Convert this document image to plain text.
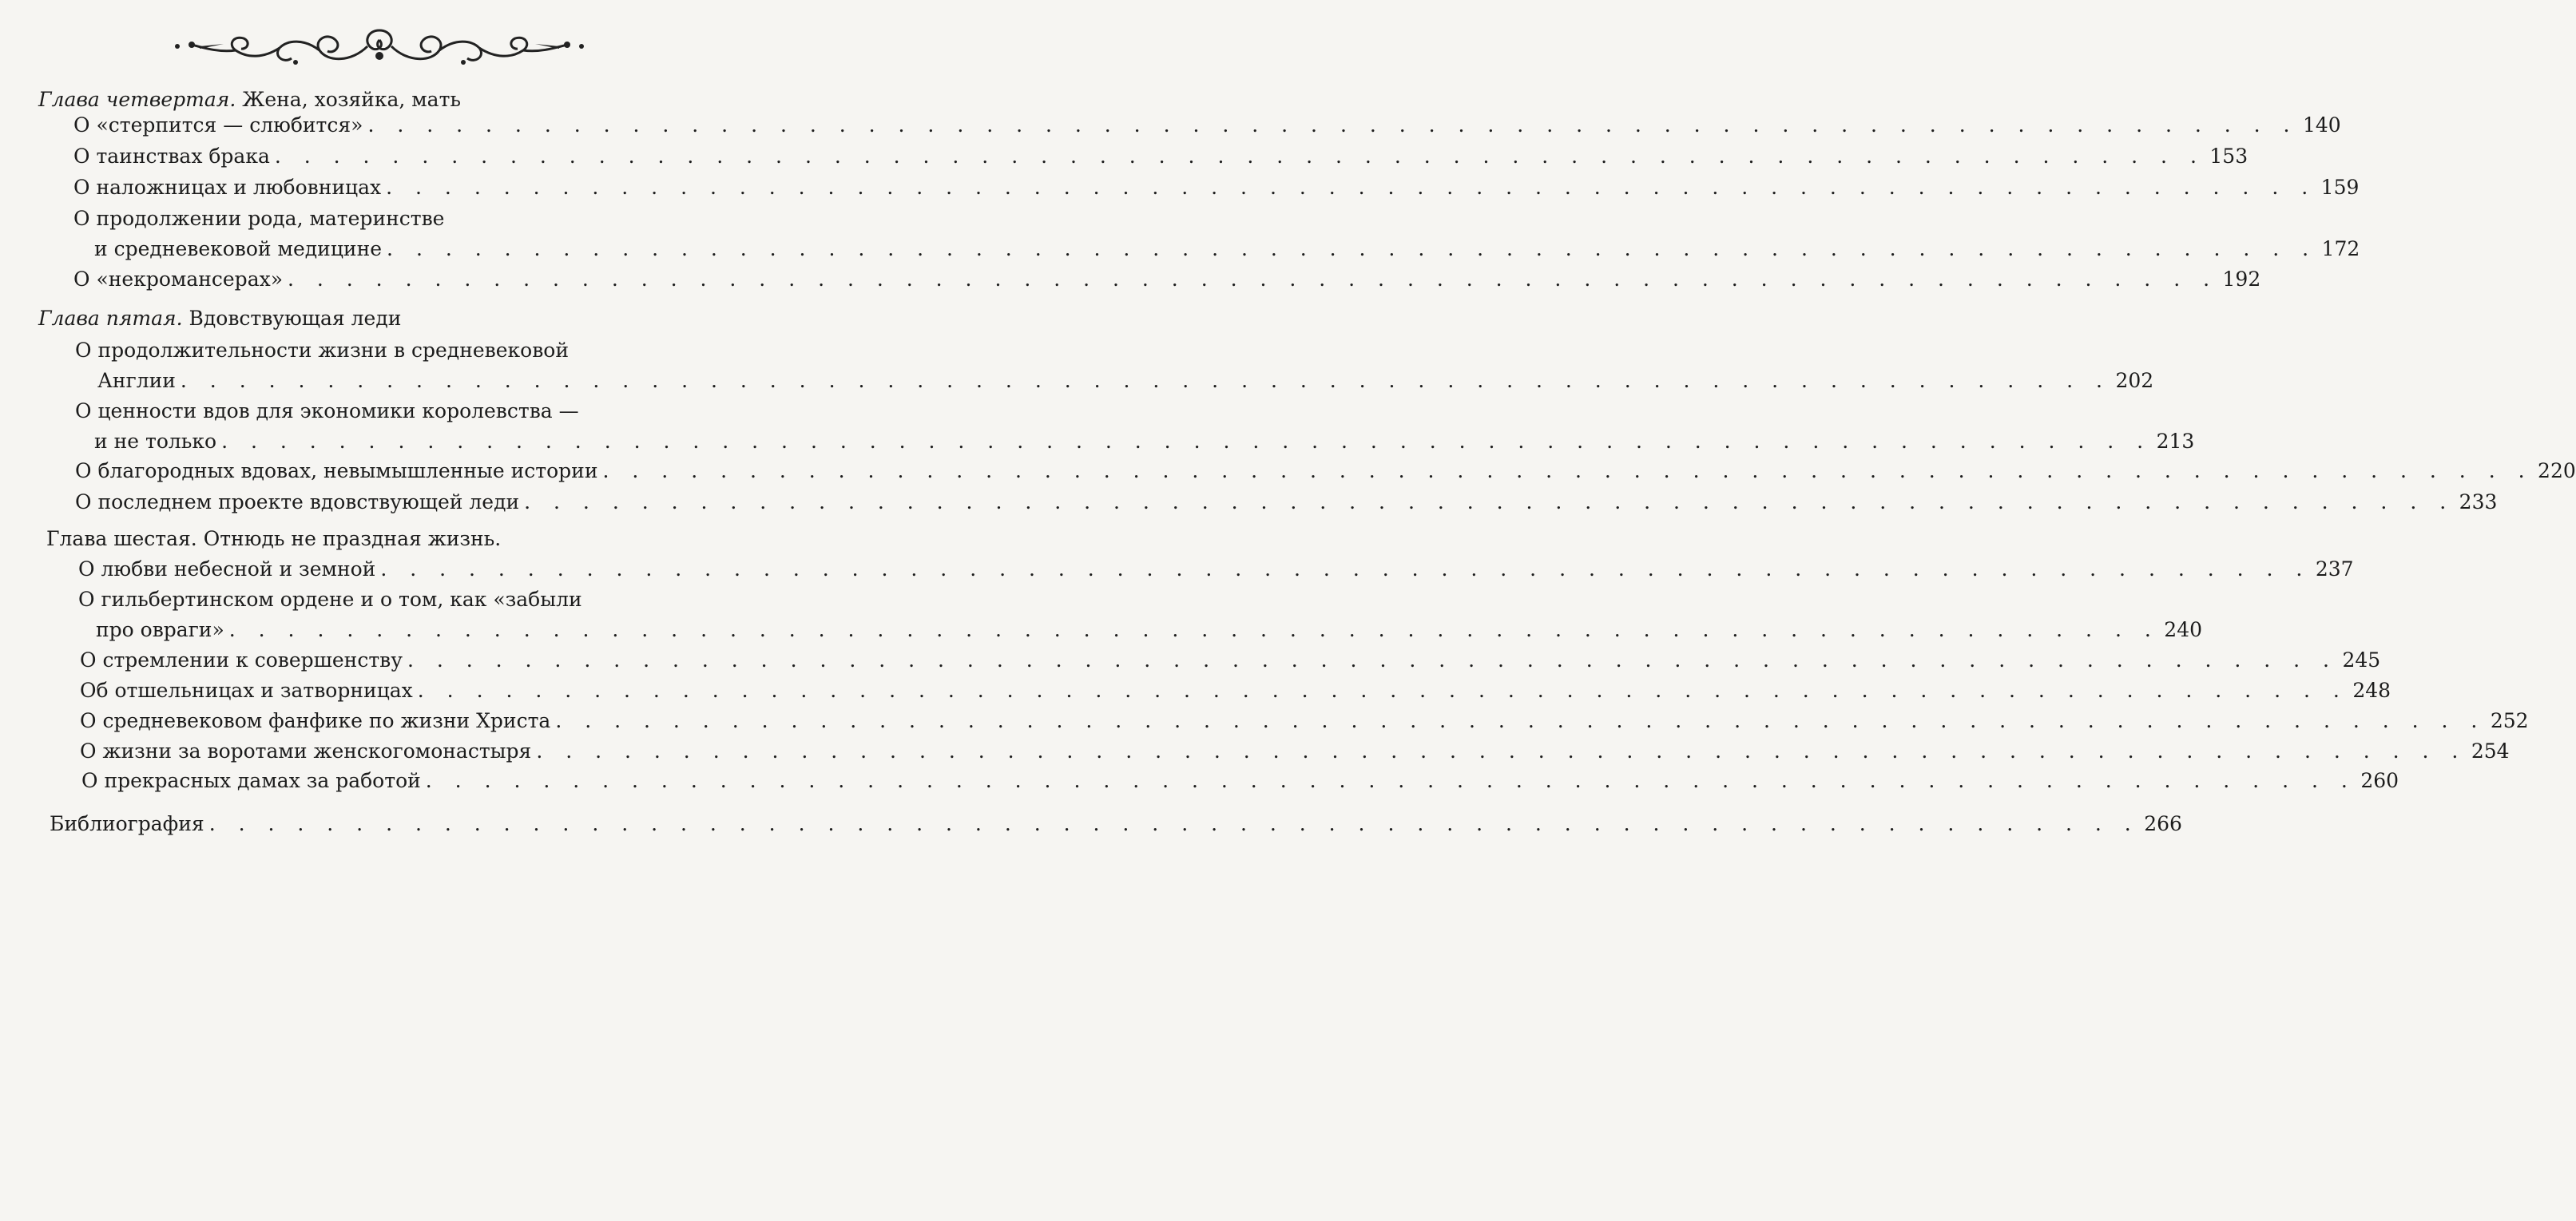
Глава четвертая. Жена, хозяйка, мать
О «стерпится — слюбится» . . . . . . . . . . . . . . . . . . . . . . . . . . . . . . . . . . . . . . . . . . . . . . . . . . . . . . . . . . . . . . . . . . 140
О таинствах брака . . . . . . . . . . . . . . . . . . . . . . . . . . . . . . . . . . . . . . . . . . . . . . . . . . . . . . . . . . . . . . . . . . 153
О наложницах и любовницах . . . . . . . . . . . . . . . . . . . . . . . . . . . . . . . . . . . . . . . . . . . . . . . . . . . . . . . . . . . . . . . . . . 159
О продолжении рода, материнстве
и средневековой медицине . . . . . . . . . . . . . . . . . . . . . . . . . . . . . . . . . . . . . . . . . . . . . . . . . . . . . . . . . . . . . . . . . . 172
О «некромансерах» . . . . . . . . . . . . . . . . . . . . . . . . . . . . . . . . . . . . . . . . . . . . . . . . . . . . . . . . . . . . . . . . . . 192
Глава пятая. Вдовствующая леди
О продолжительности жизни в средневековой
Англии . . . . . . . . . . . . . . . . . . . . . . . . . . . . . . . . . . . . . . . . . . . . . . . . . . . . . . . . . . . . . . . . . . 202
О ценности вдов для экономики королевства —
и не только . . . . . . . . . . . . . . . . . . . . . . . . . . . . . . . . . . . . . . . . . . . . . . . . . . . . . . . . . . . . . . . . . . 213
О благородных вдовах, невымышленные истории . . . . . . . . . . . . . . . . . . . . . . . . . . . . . . . . . . . . . . . . . . . . . . . . . . . . . . . . . . . . . . . . . . 220
О последнем проекте вдовствующей леди . . . . . . . . . . . . . . . . . . . . . . . . . . . . . . . . . . . . . . . . . . . . . . . . . . . . . . . . . . . . . . . . . . 233
Глава шестая. Отнюдь не праздная жизнь.
О любви небесной и земной . . . . . . . . . . . . . . . . . . . . . . . . . . . . . . . . . . . . . . . . . . . . . . . . . . . . . . . . . . . . . . . . . . 237
О гильбертинском ордене и о том, как «забыли
про овраги» . . . . . . . . . . . . . . . . . . . . . . . . . . . . . . . . . . . . . . . . . . . . . . . . . . . . . . . . . . . . . . . . . . 240
О стремлении к совершенству . . . . . . . . . . . . . . . . . . . . . . . . . . . . . . . . . . . . . . . . . . . . . . . . . . . . . . . . . . . . . . . . . . 245
Об отшельницах и затворницах . . . . . . . . . . . . . . . . . . . . . . . . . . . . . . . . . . . . . . . . . . . . . . . . . . . . . . . . . . . . . . . . . . 248
О средневековом фанфике по жизни Христа . . . . . . . . . . . . . . . . . . . . . . . . . . . . . . . . . . . . . . . . . . . . . . . . . . . . . . . . . . . . . . . . . . 252
О жизни за воротами женскогомонастыря . . . . . . . . . . . . . . . . . . . . . . . . . . . . . . . . . . . . . . . . . . . . . . . . . . . . . . . . . . . . . . . . . . 254
О прекрасных дамах за работой . . . . . . . . . . . . . . . . . . . . . . . . . . . . . . . . . . . . . . . . . . . . . . . . . . . . . . . . . . . . . . . . . . 260
Библиография . . . . . . . . . . . . . . . . . . . . . . . . . . . . . . . . . . . . . . . . . . . . . . . . . . . . . . . . . . . . . . . . . . 266
